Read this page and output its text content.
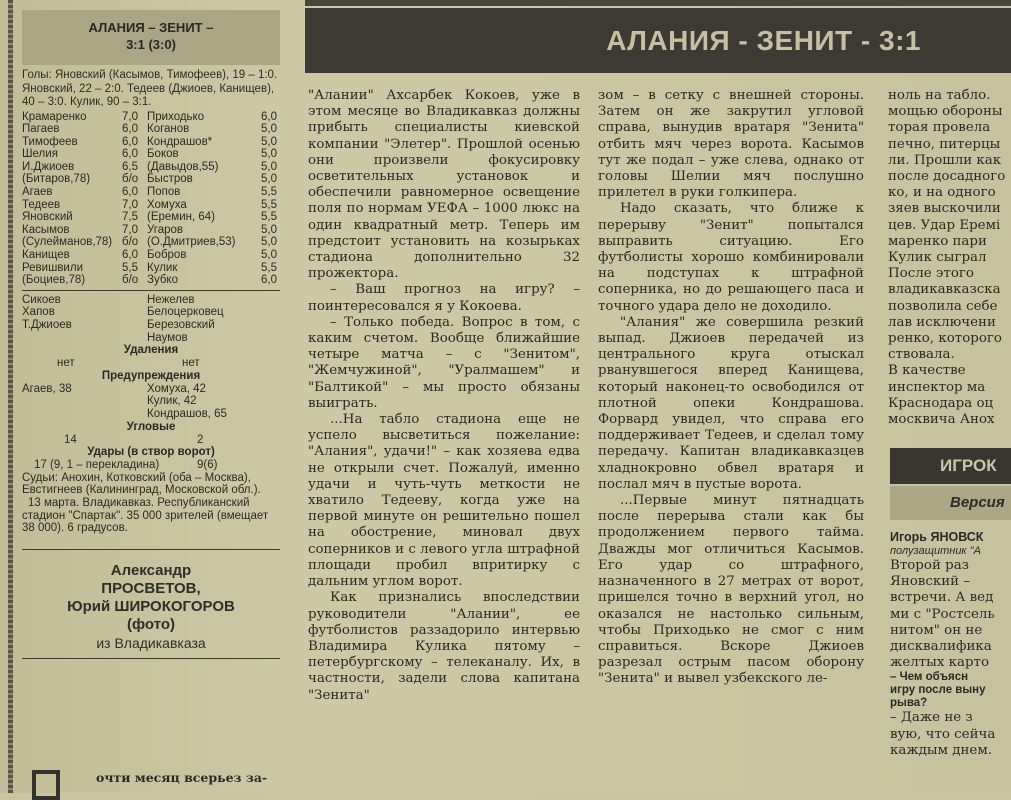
АЛАНИЯ – ЗЕНИТ –
3:1 (3:0)
Голы: Яновский (Касымов, Тимофеев), 19 – 1:0. Яновский, 22 – 2:0. Тедеев (Джиоев, Канищев), 40 – 3:0. Кулик, 90 – 3:1.
Крамаренко	7,0 Приходько	6,0
Пагаев	6,0 Коганов	5,0
Тимофеев	6,0 Кондрашов*	5,0
Шелия	6,0 Боков	5,0
И.Джиоев	6,5 (Давыдов,55)	5,0
(Битаров,78)	б/о Быстров	5,0
Агаев	6,0 Попов	5,5
Тедеев	7,0 Хомуха	5,5
Яновский	7,5 (Еремин, 64)	5,5
Касымов	7,0 Угаров	5,0
(Сулейманов,78) б/о (О.Дмитриев,53)	5,0
Канищев	6,0 Бобров	5,0
Ревишвили	5,5 Кулик	5,5
(Боциев,78)	б/о Зубко	6,0
Сикоев	Нежелев
Хапов	Белоцерковец
Т.Джиоев	Березовский
Наумов
Удаления
нет	нет
Предупреждения
Агаев, 38	Хомуха, 42
Кулик, 42
Кондрашов, 65
Угловые
14	2
Удары (в створ ворот)
17 (9, 1 – перекладина)	9(6)
Судьи: Анохин, Котковский (оба – Москва), Евстигнеев (Калининград, Московской обл.).
13 марта. Владикавказ. Республиканский стадион "Спартак". 35 000 зрителей (вмещает 38 000). 6 градусов.
Александр
ПРОСВЕТОВ,
Юрий ШИРОКОГОРОВ
(фото)
из Владикавказа
очти месяц всерьез за-
АЛАНИЯ - ЗЕНИТ - 3:1

"Алании" Ахсарбек Кокоев, уже в этом месяце во Владикавказ должны прибыть специалисты киевской компании "Элетер". Прошлой осенью они произвели фокусировку осветительных установок и обеспечили равномерное освещение поля по нормам УЕФА – 1000 люкс на один квадратный метр. Теперь им предстоит установить на козырьках стадиона дополнительно 32 прожектора.

– Ваш прогноз на игру? – поинтересовался я у Кокоева.

– Только победа. Вопрос в том, с каким счетом. Вообще ближайшие четыре матча – с "Зенитом", "Жемчужиной", "Уралмашем" и "Балтикой" – мы просто обязаны выиграть.

...На табло стадиона еще не успело высветиться пожелание: "Алания", удачи!" – как хозяева едва не открыли счет. Пожалуй, именно удачи и чуть-чуть меткости не хватило Тедееву, когда уже на первой минуте он решительно пошел на обострение, миновал двух соперников и с левого угла штрафной площади пробил впритирку с дальним углом ворот.

Как признались впоследствии руководители "Алании", ее футболистов раззадорило интервью Владимира Кулика пятому – петербургскому – телеканалу. Их, в частности, задели слова капитана "Зенита"

зом – в сетку с внешней стороны. Затем он же закрутил угловой справа, вынудив вратаря "Зенита" отбить мяч через ворота. Касымов тут же подал – уже слева, однако от головы Шелии мяч послушно прилетел в руки голкипера.

Надо сказать, что ближе к перерыву "Зенит" попытался выправить ситуацию. Его футболисты хорошо комбинировали на подступах к штрафной соперника, но до решающего паса и точного удара дело не доходило.

"Алания" же совершила резкий выпад. Джиоев передачей из центрального круга отыскал рванувшегося вперед Канищева, который наконец-то освободился от плотной опеки Кондрашова. Форвард увидел, что справа его поддерживает Тедеев, и сделал тому передачу. Капитан владикавказцев хладнокровно обвел вратаря и послал мяч в пустые ворота.

...Первые минут пятнадцать после перерыва стали как бы продолжением первого тайма. Дважды мог отличиться Касымов. Его удар со штрафного, назначенного в 27 метрах от ворот, пришелся точно в верхний угол, но оказался не настолько сильным, чтобы Приходько не смог с ним справиться. Вскоре Джиоев разрезал острым пасом оборону "Зенита" и вывел узбекского ле-

ноль на табло.
мощью обороны
торая провела
печно, питерцы
ли. Прошли как
после досадного
ко, и на одного
зяев выскочили
цев. Удар Еремі
маренко пари
Кулик сыграл
После этого
владикавказска
позволила себе
лав исключени
ренко, которого
ствовала.
В качестве
инспектор ма
Краснодара оц
москвича Анох
ИГРОК
Версия
Игорь ЯНОВСК
полузащитник "А
Второй раз
Яновский –
встречи. А вед
ми с "Ростсель
нитом" он не
дисквалифика
желтых карто
– Чем объясн
игру после выну
рыва?
– Даже не з
вую, что сейча
каждым днем.
